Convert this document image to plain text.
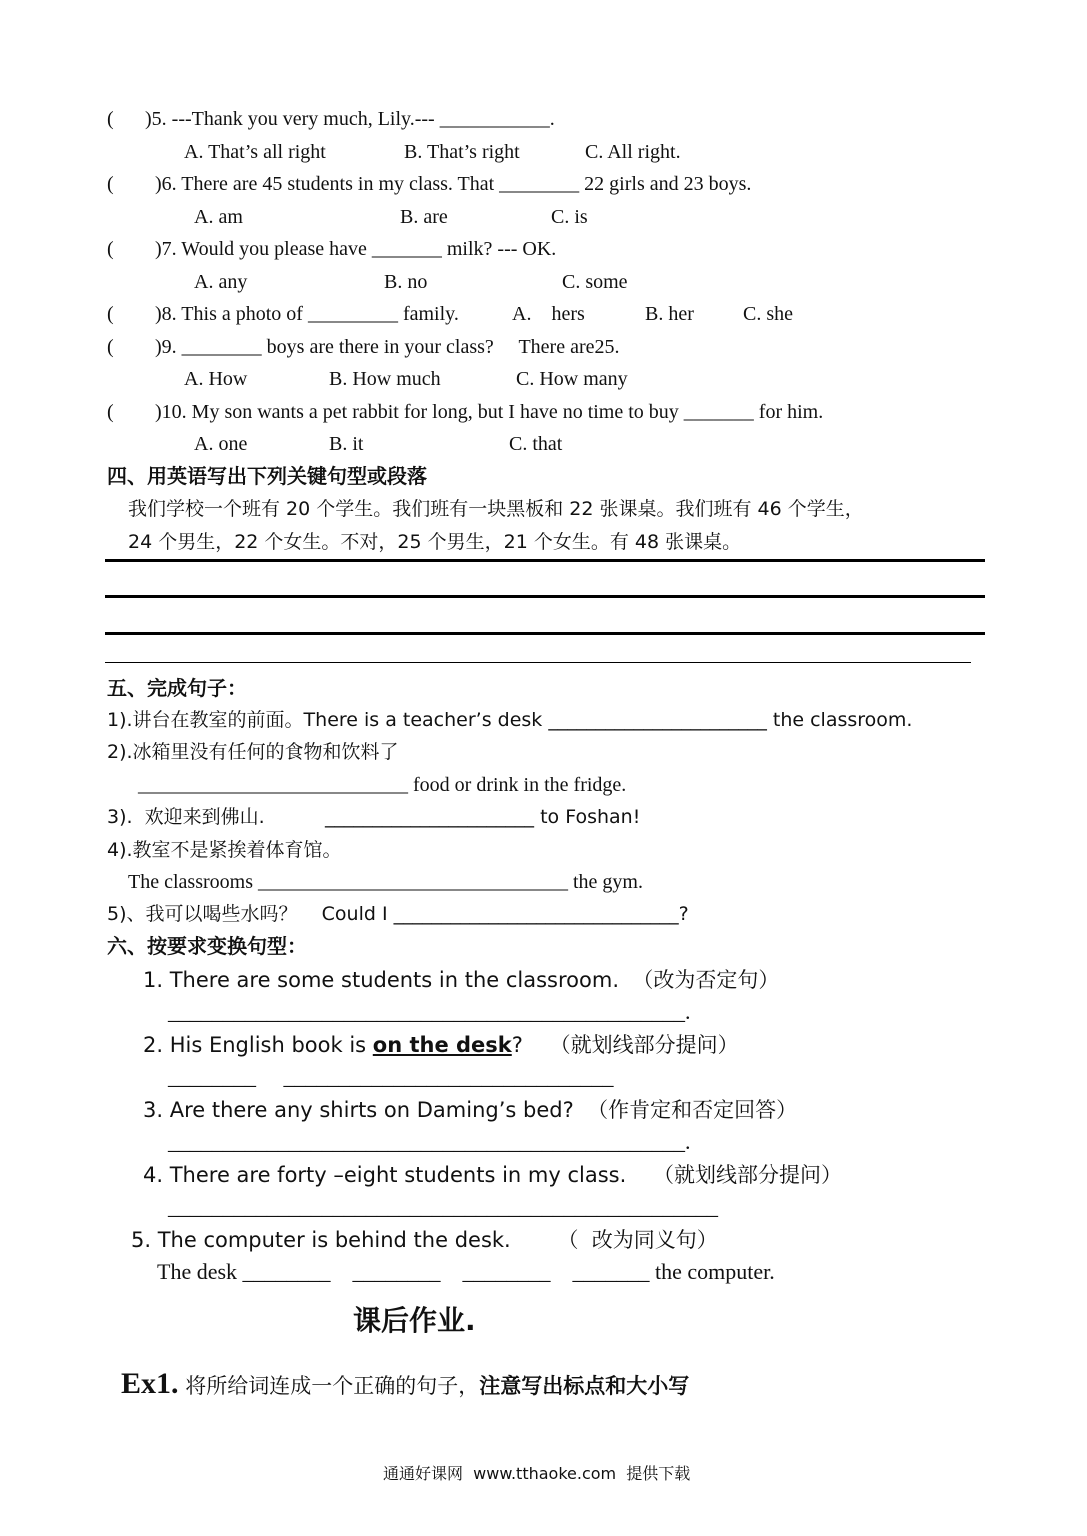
( )5. ---Thank you very much, Lily.--- ___________.
A. That’s all right	B. That’s right	C. All right.
( )6. There are 45 students in my class. That ________ 22 girls and 23 boys.
A. am	B. are	C. is
( )7. Would you please have _______ milk? --- OK.
A. any	B. no	C. some
( )8. This a photo of _________ family.	A.    hers	B. her C. she
( )9. ________ boys are there in your class?     There are25.
A. How	B. How much	C. How many
( )10. My son wants a pet rabbit for long, but I have no time to buy _______ for him.
A. one	B. it	C. that
四、用英语写出下列关键句型或段落
我们学校一个班有 20 个学生。我们班有一块黑板和 22 张课桌。我们班有 46 个学生，
24 个男生，22 个女生。不对，25 个男生，21 个女生。有 48 张课桌。
五、完成句子：
1).讲台在教室的前面。There is a teacher’s desk _______________________ the classroom.
2).冰箱里没有任何的食物和饮料了
___________________________ food or drink in the fridge.
3).  欢迎来到佛山.          ______________________ to Foshan!
4).教室不是紧挨着体育馆。
The classrooms _______________________________ the gym.
5)、我可以喝些水吗？    Could I ______________________________?
六、按要求变换句型：
1. There are some students in the classroom.  （改为否定句）
_______________________________________________.
2. His English book is on the desk?    （就划线部分提问）
________     ______________________________
3. Are there any shirts on Daming’s bed?  （作肯定和否定回答）
_______________________________________________.
4. There are forty –eight students in my class.    （就划线部分提问）
__________________________________________________
5. The computer is behind the desk.       （  改为同义句）
The desk ________    ________    ________    _______ the computer.
课后作业.
Ex1. 将所给词连成一个正确的句子，注意写出标点和大小写
通通好课网  www.tthaoke.com  提供下载
